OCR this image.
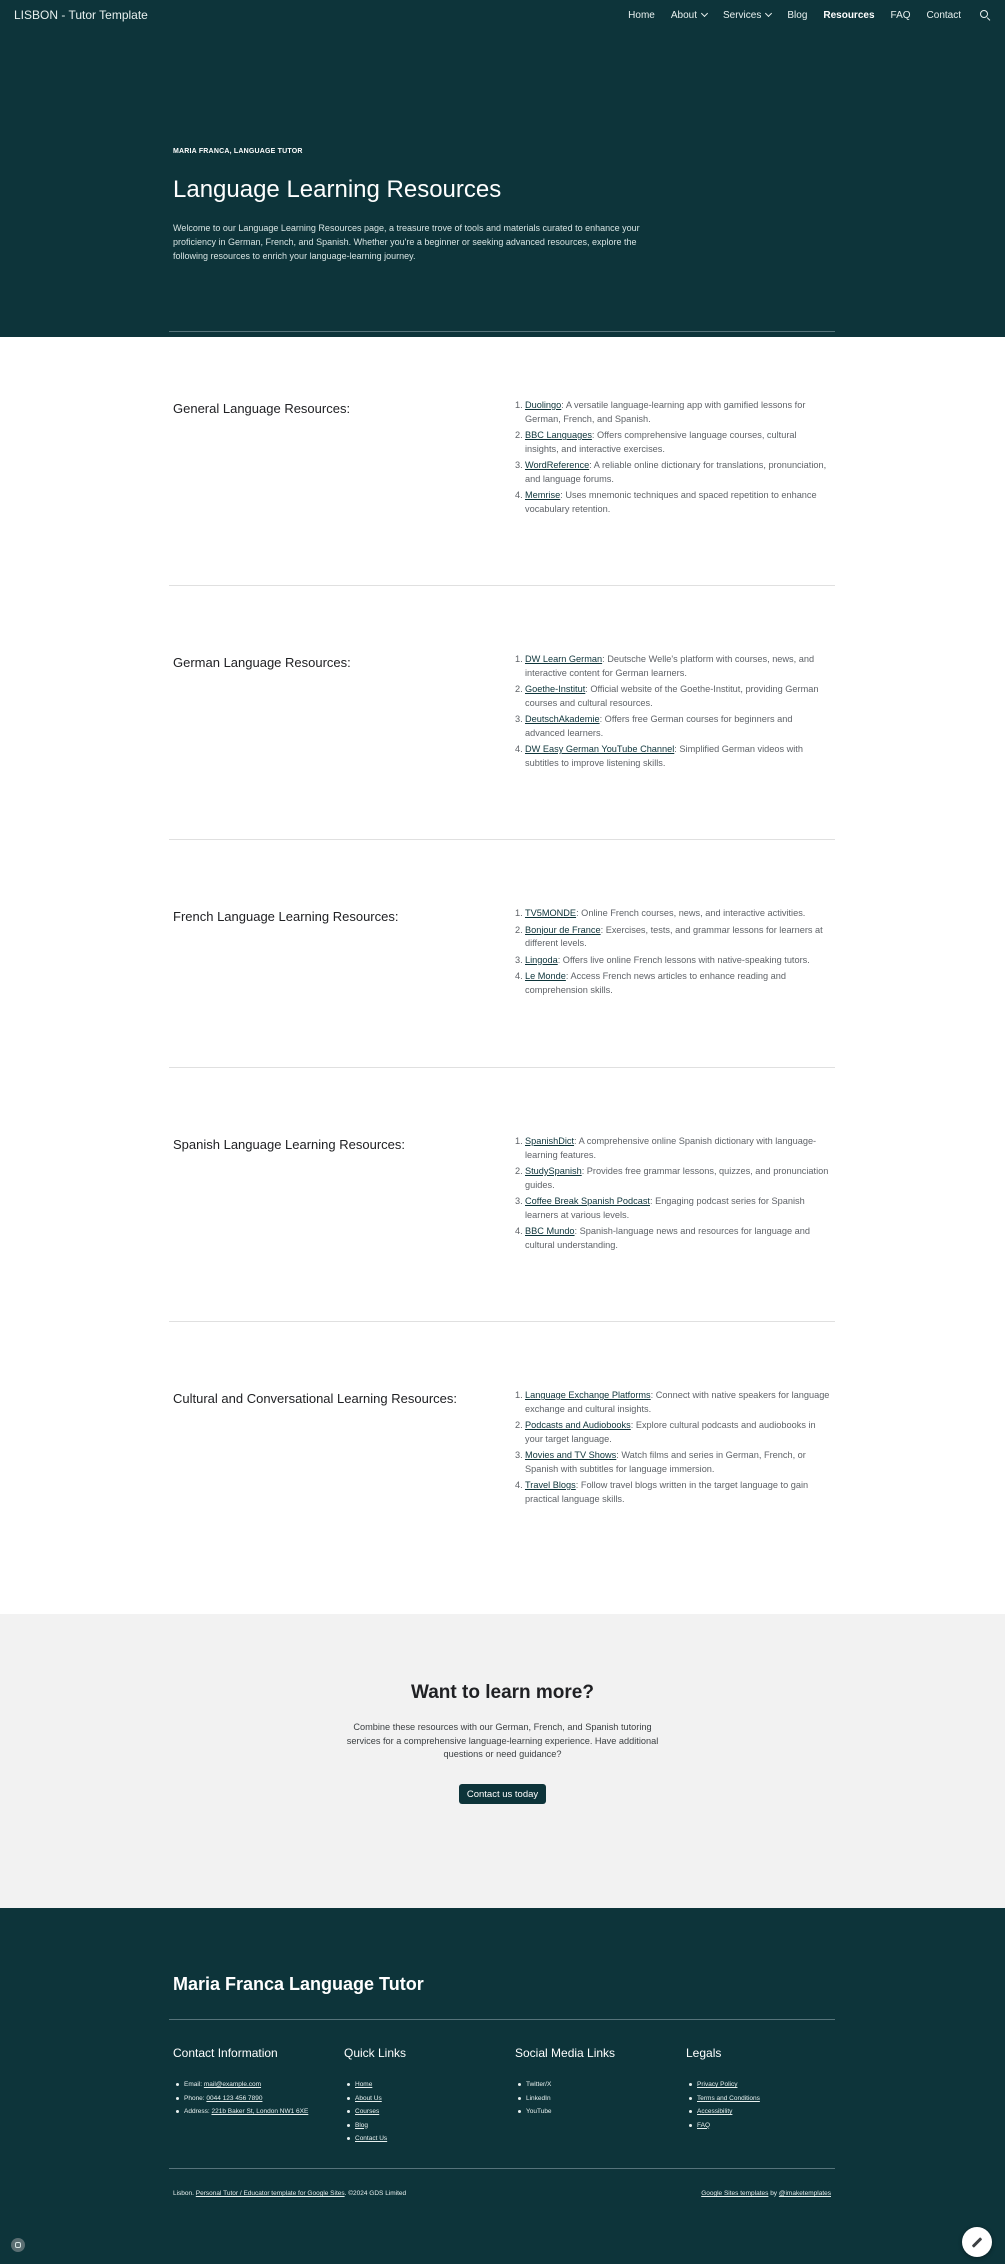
MARIA FRANCA, LANGUAGE TUTOR
Language Learning Resources

Welcome to our Language Learning Resources page, a treasure trove of tools and materials curated to enhance your proficiency in German, French, and Spanish. Whether you're a beginner or seeking advanced resources, explore the following resources to enrich your language-learning journey.

LISBON - Tutor Template	Home About	Services	Blog Resources FAQ Contact
General Language Resources:	1. Duolingo: A versatile language-learning app with gamified lessons for German, French, and Spanish.
2. BBC Languages: Offers comprehensive language courses, cultural insights, and interactive exercises.
3. WordReference: A reliable online dictionary for translations, pronunciation, and language forums.
4. Memrise: Uses mnemonic techniques and spaced repetition to enhance vocabulary retention.
German Language Resources:	1. DW Learn German: Deutsche Welle's platform with courses, news, and interactive content for German learners.
2. Goethe-Institut: Official website of the Goethe-Institut, providing German courses and cultural resources.
3. DeutschAkademie: Offers free German courses for beginners and advanced learners.
4. DW Easy German YouTube Channel: Simplified German videos with subtitles to improve listening skills.
French Language Learning Resources:	1. TV5MONDE: Online French courses, news, and interactive activities.
2. Bonjour de France: Exercises, tests, and grammar lessons for learners at different levels.
3. Lingoda: Offers live online French lessons with native-speaking tutors.
4. Le Monde: Access French news articles to enhance reading and comprehension skills.
Spanish Language Learning Resources:	1. SpanishDict: A comprehensive online Spanish dictionary with language-learning features.
2. StudySpanish: Provides free grammar lessons, quizzes, and pronunciation guides.
3. Coffee Break Spanish Podcast: Engaging podcast series for Spanish learners at various levels.
4. BBC Mundo: Spanish-language news and resources for language and cultural understanding.
Cultural and Conversational Learning Resources:	1. Language Exchange Platforms: Connect with native speakers for language exchange and cultural insights.
2. Podcasts and Audiobooks: Explore cultural podcasts and audiobooks in your target language.
3. Movies and TV Shows: Watch films and series in German, French, or Spanish with subtitles for language immersion.
4. Travel Blogs: Follow travel blogs written in the target language to gain practical language skills.
Want to learn more?

Combine these resources with our German, French, and Spanish tutoring services for a comprehensive language-learning experience. Have additional questions or need guidance?

Contact us today
Maria Franca Language Tutor
Contact Information
Email: mail@example.com
Phone: 0044 123 456 7890
Address: 221b Baker St, London NW1 6XE
Quick Links
Home
About Us
Courses
Blog
Contact Us
Social Media Links
Twitter/X
LinkedIn
YouTube
Legals
Privacy Policy
Terms and Conditions
Accessibility
FAQ
Lisbon. Personal Tutor / Educator template for Google Sites. ©2024 GDS Limited	Google Sites templates by @imaketemplates
